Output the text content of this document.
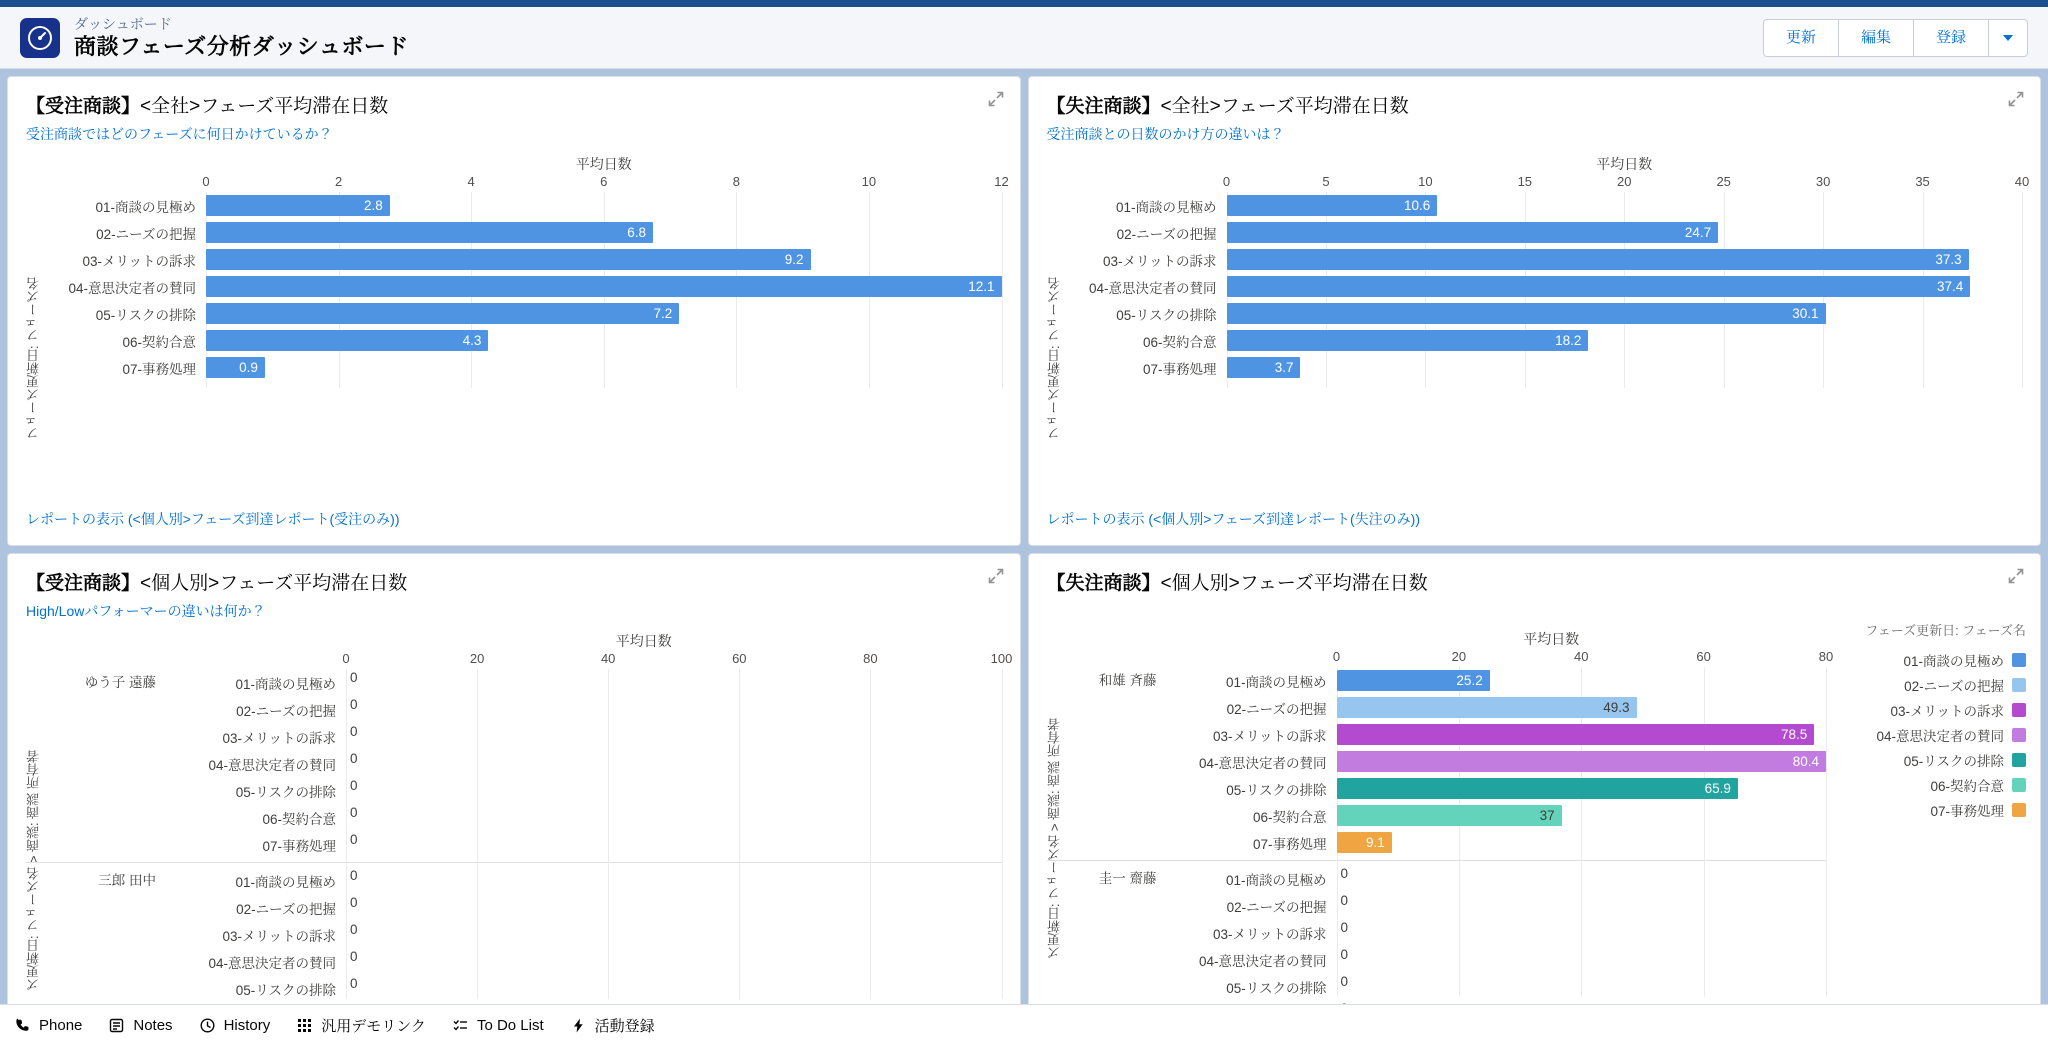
ダッシュボード
商談フェーズ分析ダッシュボード	更新	編集	登録
【受注商談】<全社>フェーズ平均滞在日数
受注商談ではどのフェーズに何日かけているか？
平均日数
フェーズ更新日: フェーズ名
0	2	4	6	8	10	12
01-商談の見極め	2.8
02-ニーズの把握	6.8
03-メリットの訴求	9.2
04-意思決定者の賛同	12.1
05-リスクの排除	7.2
06-契約合意	4.3
07-事務処理	0.9
レポートの表示 (<個人別>フェーズ到達レポート(受注のみ))
【失注商談】<全社>フェーズ平均滞在日数
受注商談との日数のかけ方の違いは？
平均日数
フェーズ更新日: フェーズ名
0	5	10	15	20	25	30	35	40
01-商談の見極め	10.6
02-ニーズの把握	24.7
03-メリットの訴求	37.3
04-意思決定者の賛同	37.4
05-リスクの排除	30.1
06-契約合意	18.2
07-事務処理	3.7
レポートの表示 (<個人別>フェーズ到達レポート(失注のみ))
【受注商談】<個人別>フェーズ平均滞在日数
High/Lowパフォーマーの違いは何か？
平均日数
ズ更新日: フェーズ名 > 商談: 商談 所有者
0	20	40	60	80	100
ゆう子 遠藤	01-商談の見極め	0
02-ニーズの把握	0
03-メリットの訴求	0
04-意思決定者の賛同	0
05-リスクの排除	0
06-契約合意	0
07-事務処理	0
三郎 田中	01-商談の見極め	0
02-ニーズの把握	0
03-メリットの訴求	0
04-意思決定者の賛同	0
05-リスクの排除	0
【失注商談】<個人別>フェーズ平均滞在日数
フェーズ更新日: フェーズ名
01-商談の見極め
02-ニーズの把握
03-メリットの訴求
04-意思決定者の賛同
05-リスクの排除
06-契約合意
07-事務処理
平均日数
ズ更新日: フェーズ名 > 商談: 商談 所有者
0	20	40	60	80
和雄 斉藤	01-商談の見極め	25.2
02-ニーズの把握	49.3
03-メリットの訴求	78.5
04-意思決定者の賛同	80.4
05-リスクの排除	65.9
06-契約合意	37
07-事務処理	9.1
圭一 齋藤	01-商談の見極め	0
02-ニーズの把握	0
03-メリットの訴求	0
04-意思決定者の賛同	0
05-リスクの排除	0
Phone	Notes	History	汎用デモリンク	To Do List	活動登録
